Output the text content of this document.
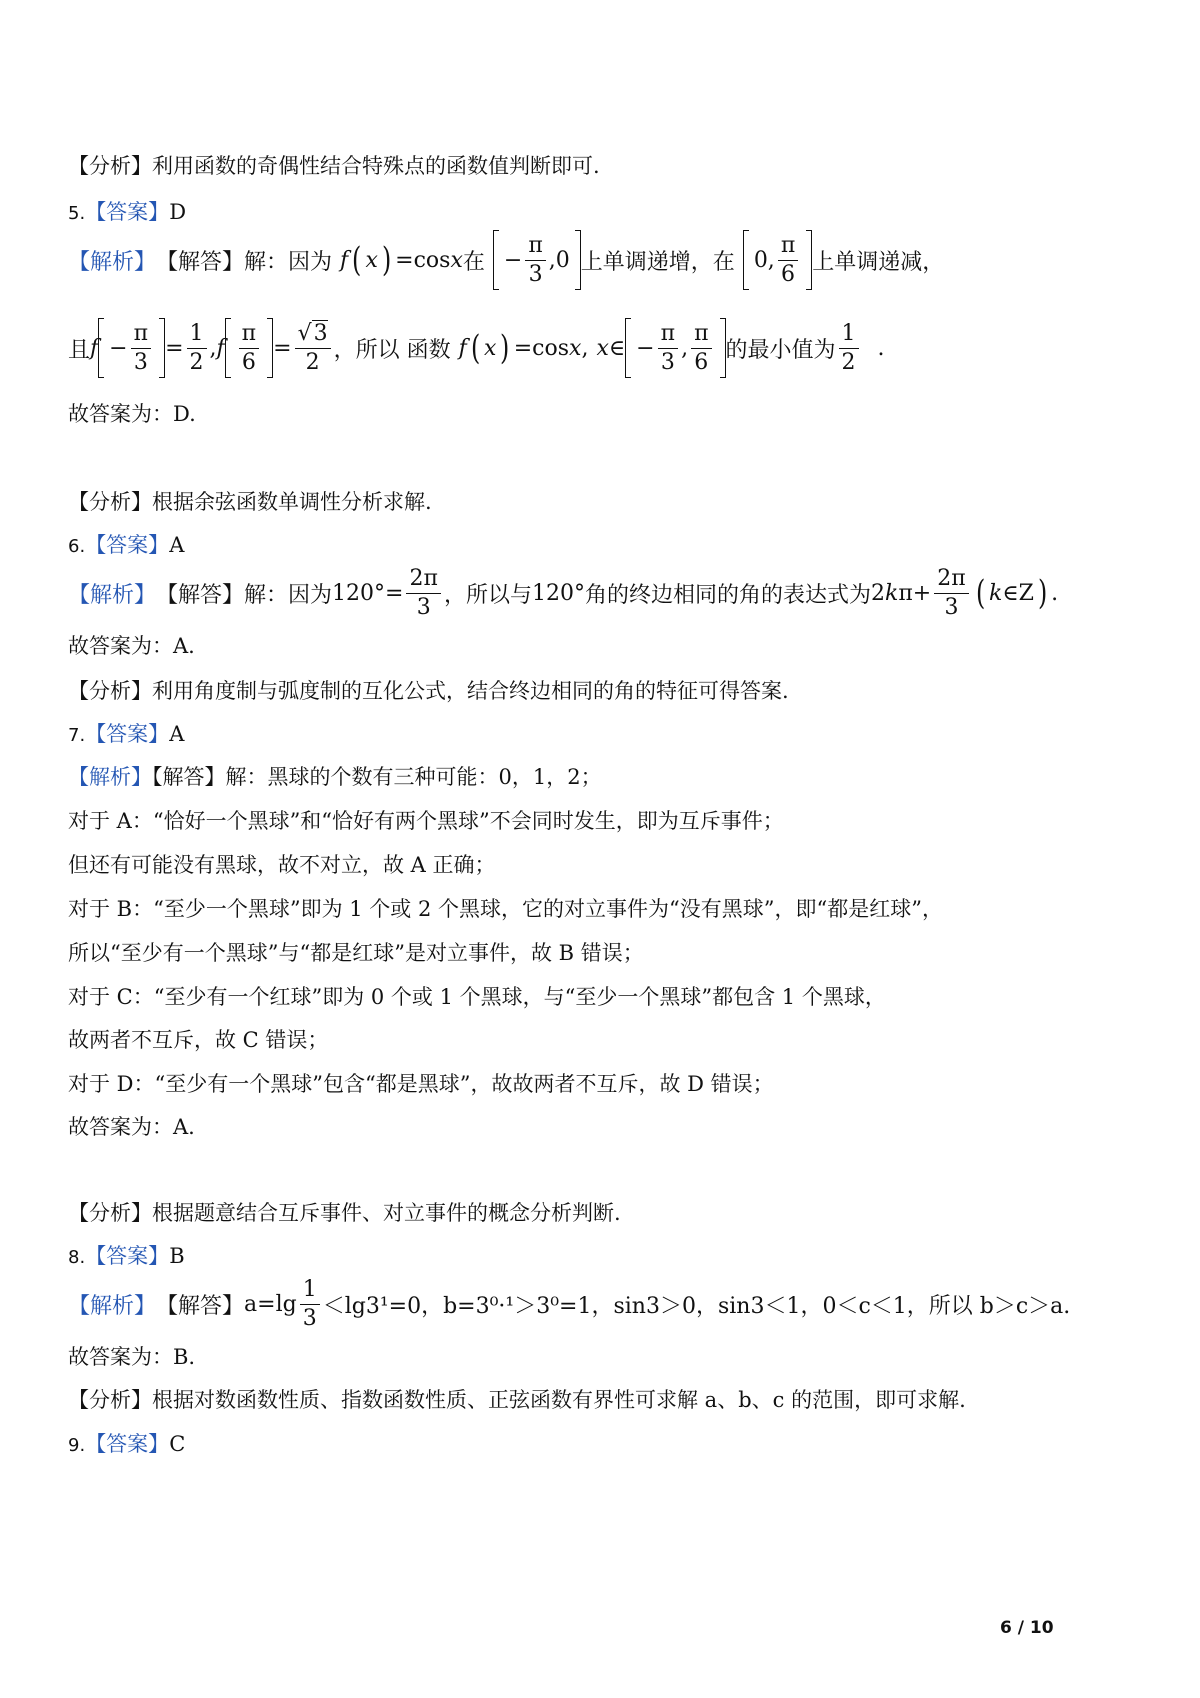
【分析】利用函数的奇偶性结合特殊点的函数值判断即可.
5.【答案】D
【解析】 【解答】 解：因为 f ( x ) =cos x 在 − $\frac{\pi}{3} ,0$ 上单调递增，在 0, $\frac{\pi}{6}$ 上单调递减，
且 $f - \frac{\pi}{3} = \frac{1}{2}$ , f $\frac{\pi}{6} = \frac{√3}{2}$ ，所以 函数 f ( x ) =cos x , x ∈ − $\frac{\pi}{3}$ , $\frac{\pi}{6}$ 的最小值为 $\frac{1}{2}$ .
故答案为：D.
【分析】根据余弦函数单调性分析求解.
6.【答案】A
【解析】 【解答】 解：因为 $120^\circ= \frac{2\pi}{3}$ ，所以与 120° 角的终边相同的角的表达式为 2 k $\pi+ \frac{2\pi}{3}$ ( k ∈Z ) .
故答案为：A.
【分析】利用角度制与弧度制的互化公式，结合终边相同的角的特征可得答案.
7.【答案】A
【解析】【解答】解：黑球的个数有三种可能：0，1，2；
对于 A：“恰好一个黑球”和“恰好有两个黑球”不会同时发生，即为互斥事件；
但还有可能没有黑球，故不对立，故 A 正确；
对于 B：“至少一个黑球”即为 1 个或 2 个黑球，它的对立事件为“没有黑球”，即“都是红球”，
所以“至少有一个黑球”与“都是红球”是对立事件，故 B 错误；
对于 C：“至少有一个红球”即为 0 个或 1 个黑球，与“至少一个黑球”都包含 1 个黑球，
故两者不互斥，故 C 错误；
对于 D：“至少有一个黑球”包含“都是黑球”，故故两者不互斥，故 D 错误；
故答案为：A.
【分析】根据题意结合互斥事件、对立事件的概念分析判断.
8.【答案】B
【解析】 【解答】 $a=\lg \frac{1}{3} <\lg 3^1=0$，b=3⁰·¹＞3⁰=1，sin3＞0，sin3＜1，0＜c＜1，所以 b＞c＞a.
故答案为：B.
【分析】根据对数函数性质、指数函数性质、正弦函数有界性可求解 a、b、c 的范围，即可求解.
9.【答案】C
6 / 10
